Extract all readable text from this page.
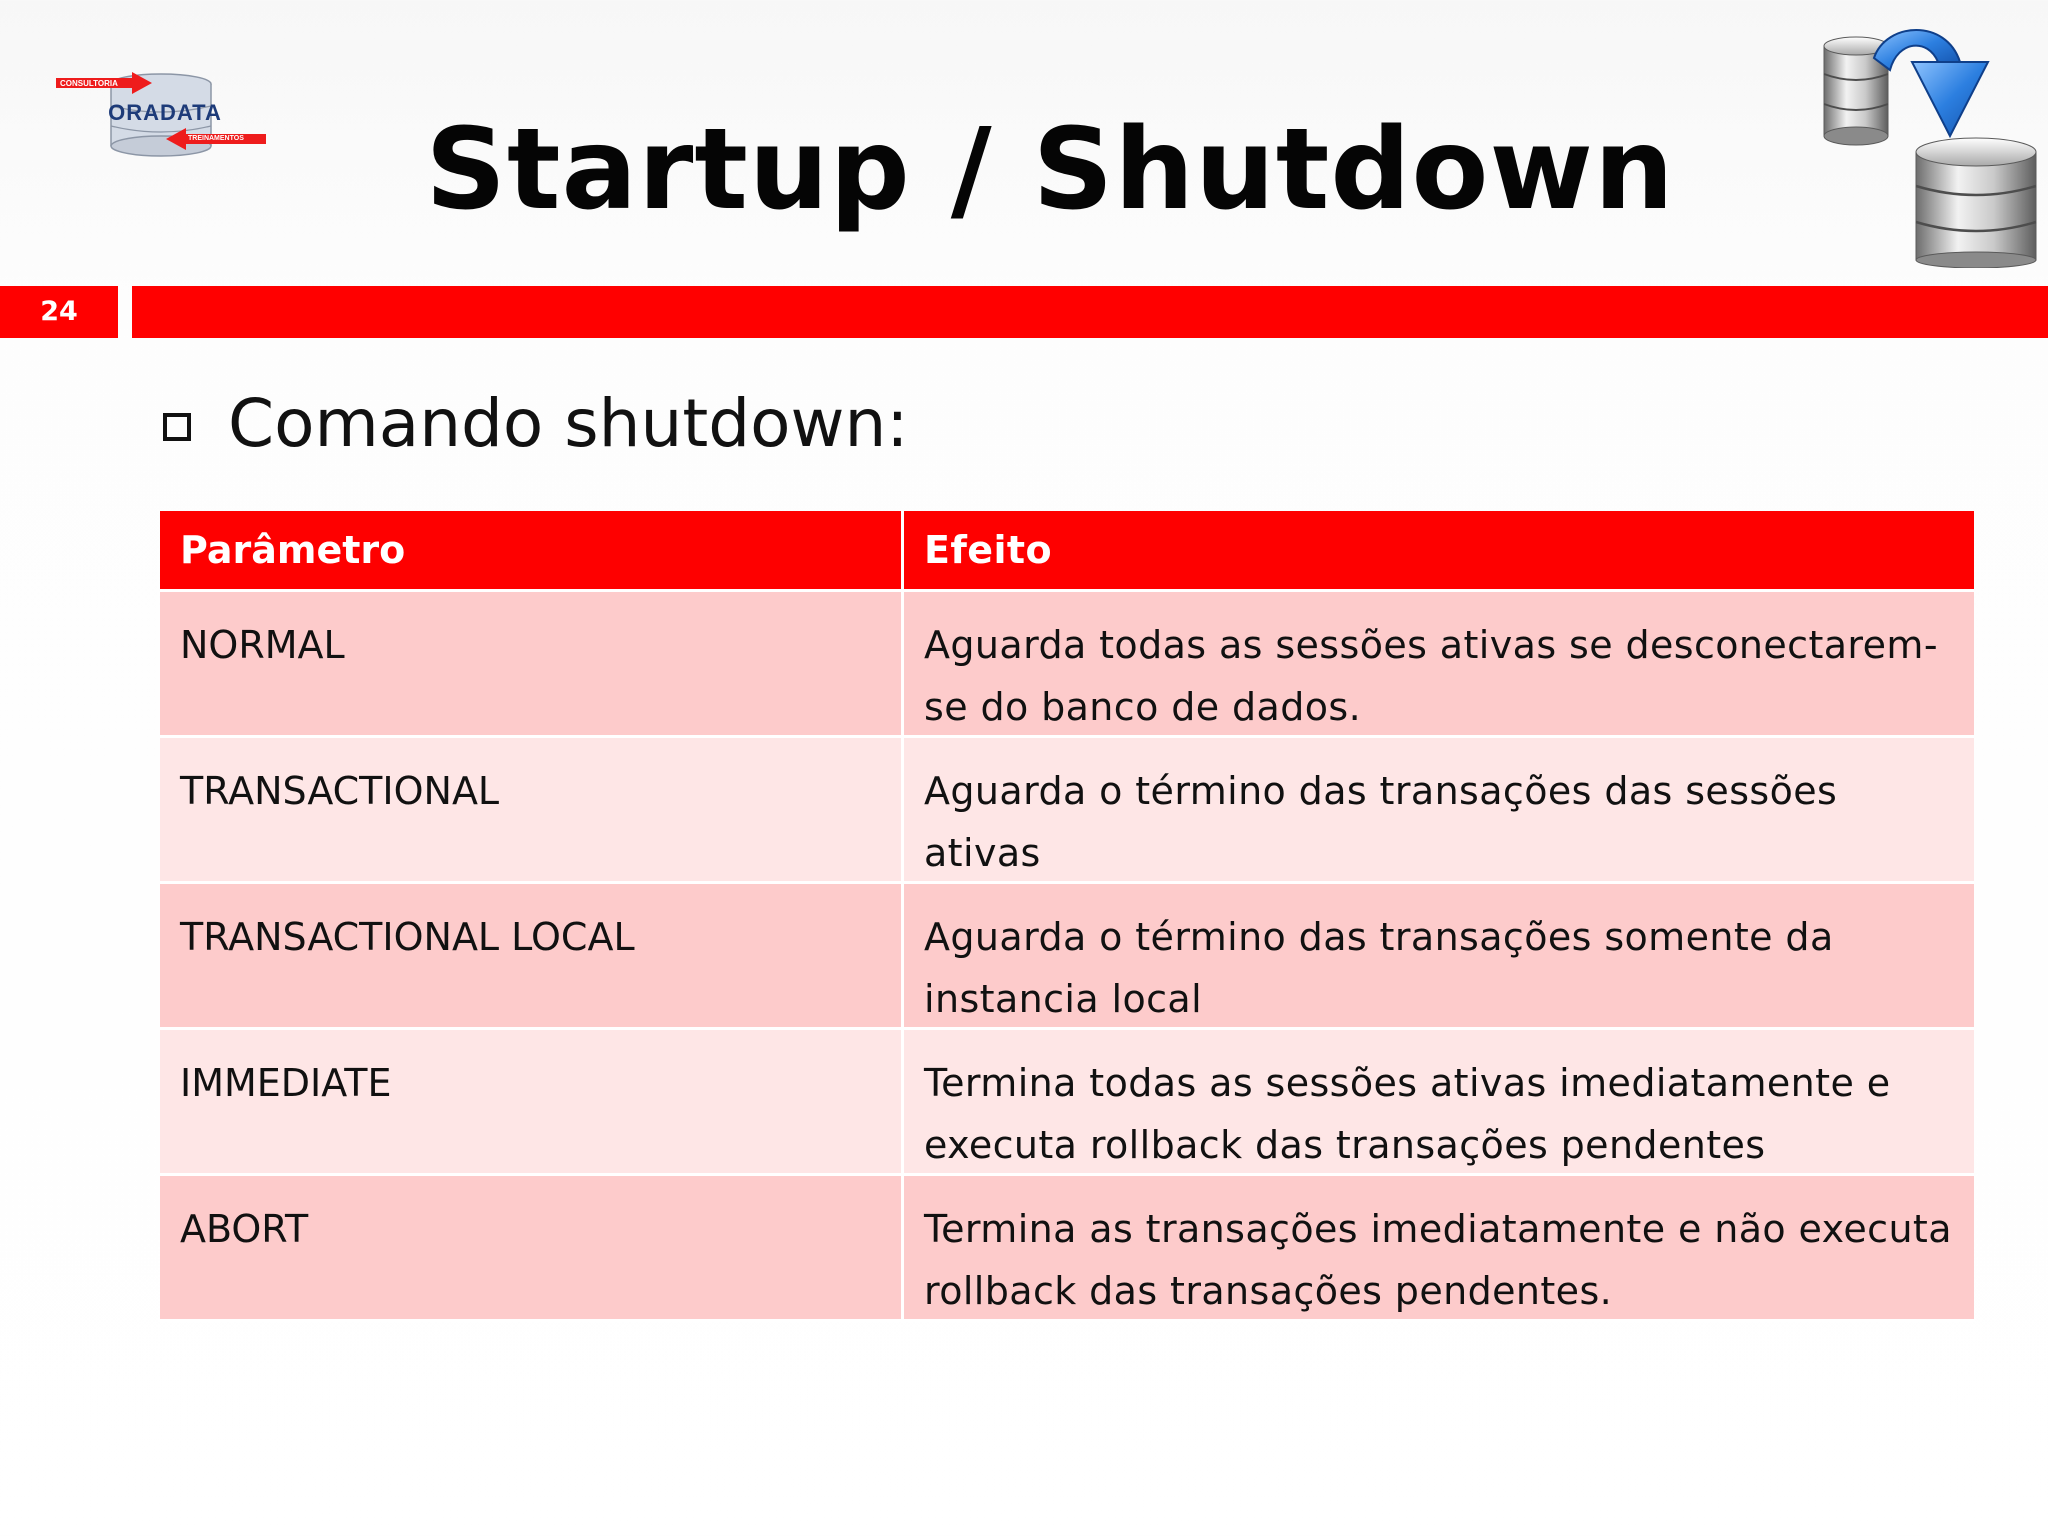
CONSULTORIA
ORADATA
TREINAMENTOS	Startup / Shutdown
24
Comando shutdown:
Parâmetro	Efeito
NORMAL	Aguarda todas as sessões ativas se desconectarem-se do banco de dados.
TRANSACTIONAL	Aguarda o término das transações das sessões ativas
TRANSACTIONAL LOCAL	Aguarda o término das transações somente da instancia local
IMMEDIATE	Termina todas as sessões ativas imediatamente e executa rollback das transações pendentes
ABORT	Termina as transações imediatamente e não executa rollback das transações pendentes.
